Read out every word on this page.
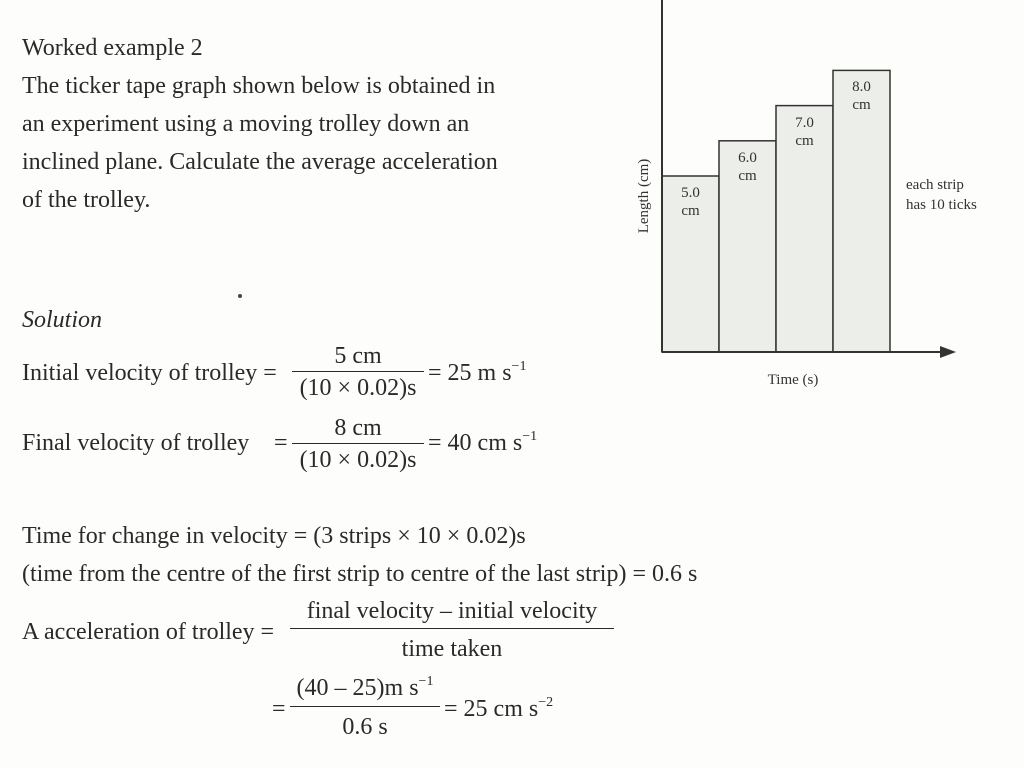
Worked example 2
The ticker tape graph shown below is obtained in
an experiment using a moving trolley down an
inclined plane. Calculate the average acceleration
of the trolley.
Solution
Initial velocity of trolley =
5 cm
(10 × 0.02)s
= 25 m $s^{-1}$
Final velocity of trolley =
8 cm
(10 × 0.02)s
= 40 cm $s^{-1}$
Time for change in velocity = (3 strips × 10 × 0.02)s
(time from the centre of the first strip to centre of the last strip) = 0.6 s
A acceleration of trolley =
final velocity – initial velocity
time taken
=
(40 – 25)m $s^{-1}$
0.6 s
= 25 cm $s^{-2}$
Length (cm)
Time (s)
5.0
cm
6.0
cm
7.0
cm
8.0
cm
each strip
has 10 ticks
